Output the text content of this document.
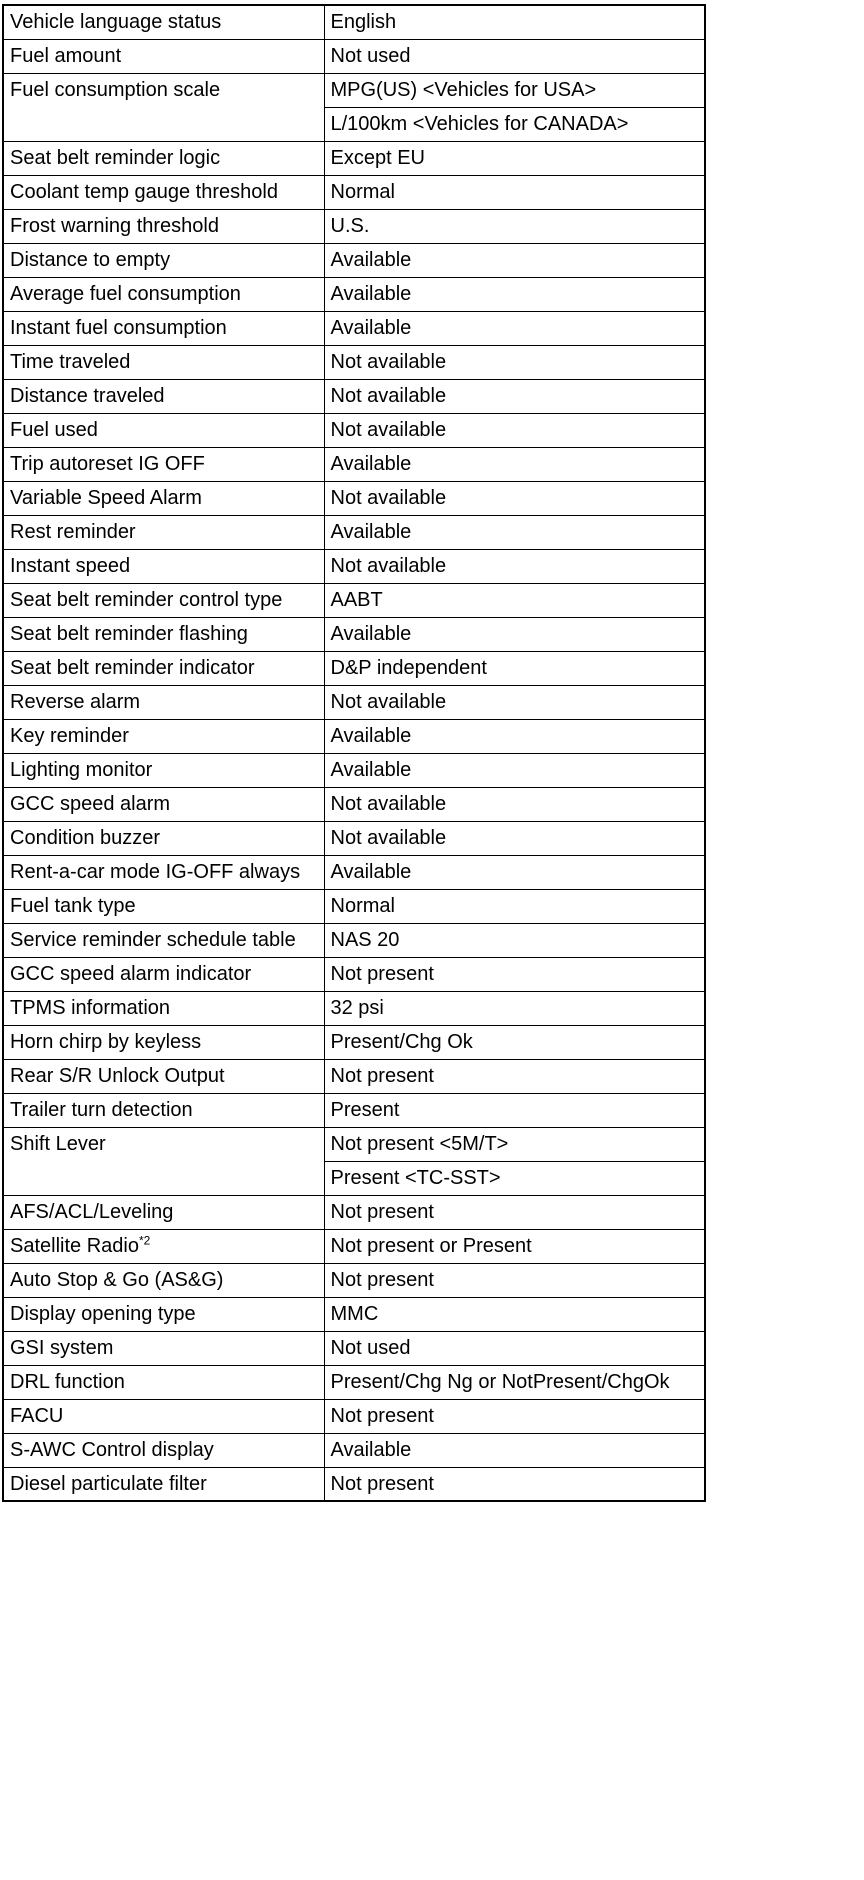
Vehicle language status	English
Fuel amount	Not used
Fuel consumption scale	MPG(US) <Vehicles for USA>
	L/100km <Vehicles for CANADA>
Seat belt reminder logic	Except EU
Coolant temp gauge threshold	Normal
Frost warning threshold	U.S.
Distance to empty	Available
Average fuel consumption	Available
Instant fuel consumption	Available
Time traveled	Not available
Distance traveled	Not available
Fuel used	Not available
Trip autoreset IG OFF	Available
Variable Speed Alarm	Not available
Rest reminder	Available
Instant speed	Not available
Seat belt reminder control type	AABT
Seat belt reminder flashing	Available
Seat belt reminder indicator	D&P independent
Reverse alarm	Not available
Key reminder	Available
Lighting monitor	Available
GCC speed alarm	Not available
Condition buzzer	Not available
Rent-a-car mode IG-OFF always	Available
Fuel tank type	Normal
Service reminder schedule table	NAS 20
GCC speed alarm indicator	Not present
TPMS information	32 psi
Horn chirp by keyless	Present/Chg Ok
Rear S/R Unlock Output	Not present
Trailer turn detection	Present
Shift Lever	Not present <5M/T>
	Present <TC-SST>
AFS/ACL/Leveling	Not present
Satellite Radio$^{*2}$	Not present or Present
Auto Stop & Go (AS&G)	Not present
Display opening type	MMC
GSI system	Not used
DRL function	Present/Chg Ng or NotPresent/ChgOk
FACU	Not present
S-AWC Control display	Available
Diesel particulate filter	Not present
